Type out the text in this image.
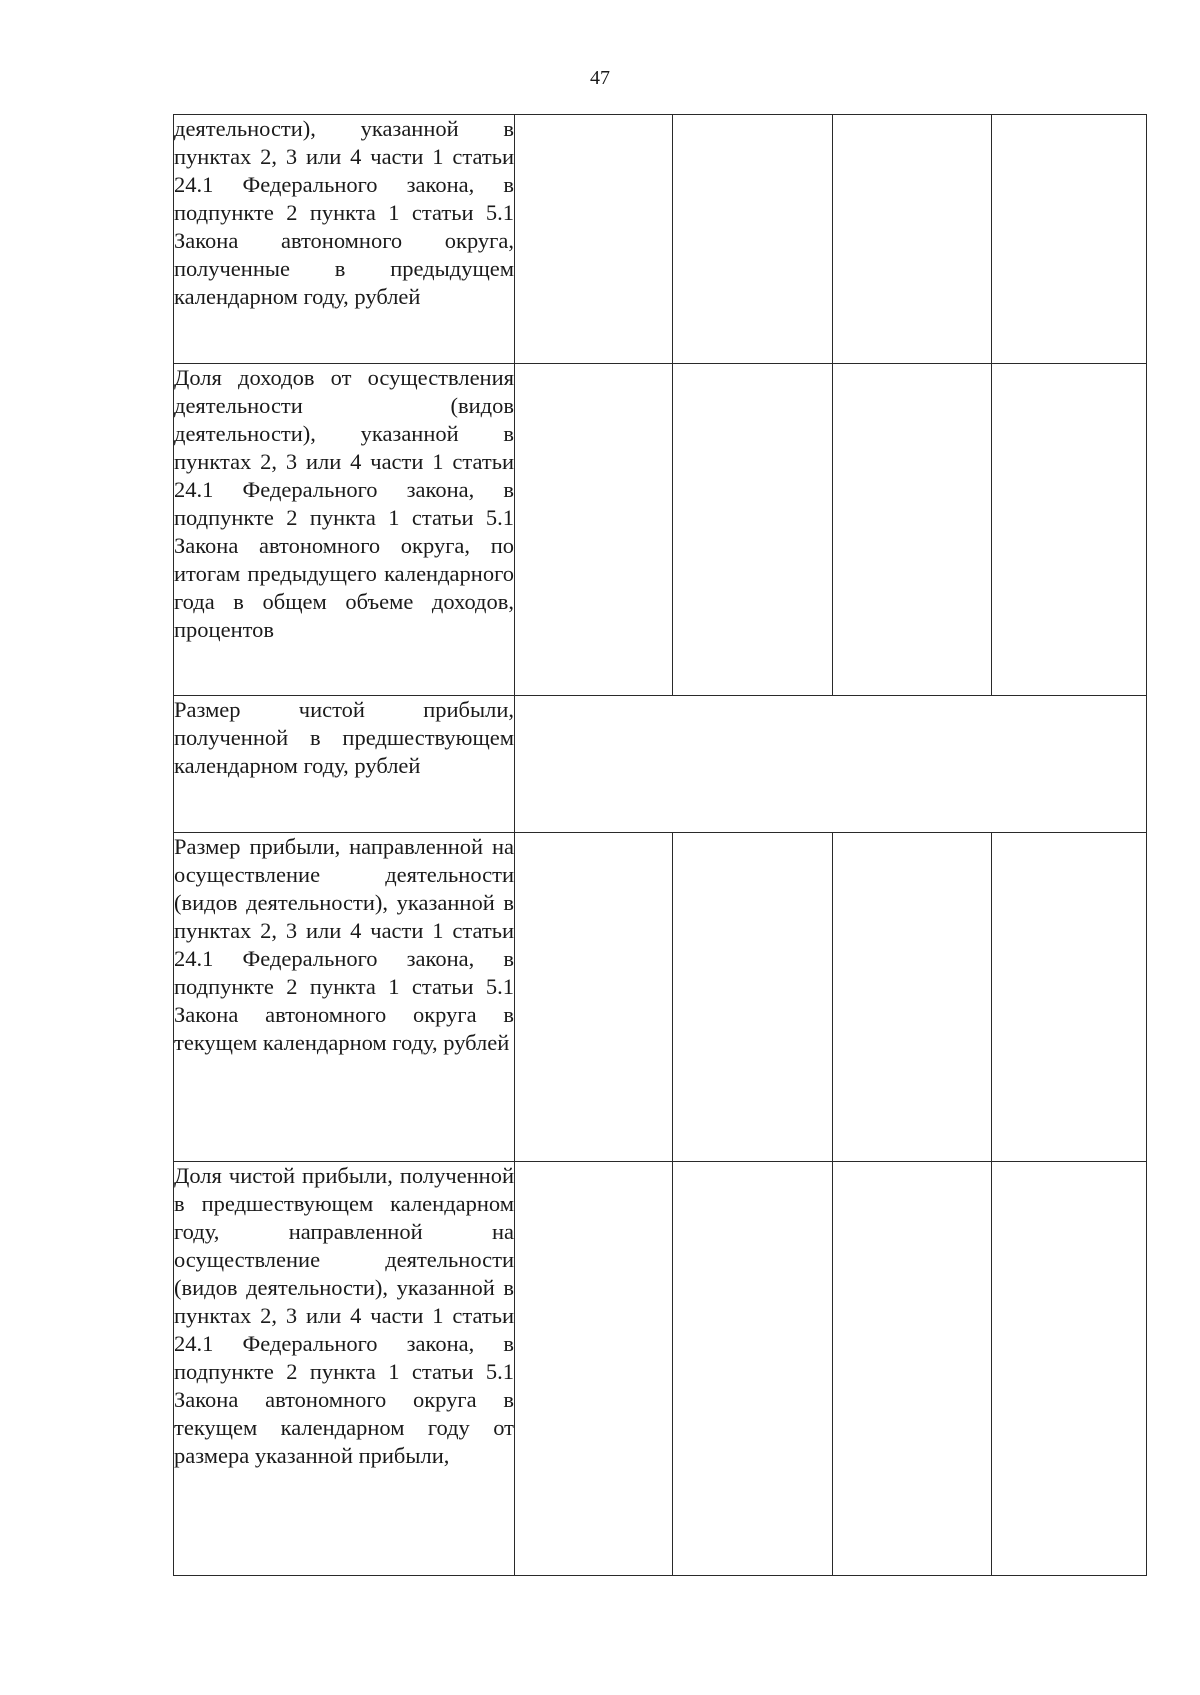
47
деятельности), указанной в пунктах 2, 3 или 4 части 1 статьи 24.1 Федерального закона, в подпункте 2 пункта 1 статьи 5.1 Закона автономного округа, полученные в предыдущем календарном году, рублей				
Доля доходов от осуществления деятельности (видов деятельности), указанной в пунктах 2, 3 или 4 части 1 статьи 24.1 Федерального закона, в подпункте 2 пункта 1 статьи 5.1 Закона автономного округа, по итогам предыдущего календарного года в общем объеме доходов, процентов				
Размер чистой прибыли, полученной в предшествующем календарном году, рублей				
Размер прибыли, направленной на осуществление деятельности (видов деятельности), указанной в пунктах 2, 3 или 4 части 1 статьи 24.1 Федерального закона, в подпункте 2 пункта 1 статьи 5.1 Закона автономного округа в текущем календарном году, рублей				
Доля чистой прибыли, полученной в предшествующем календарном году, направленной на осуществление деятельности (видов деятельности), указанной в пунктах 2, 3 или 4 части 1 статьи 24.1 Федерального закона, в подпункте 2 пункта 1 статьи 5.1 Закона автономного округа в текущем календарном году от размера указанной прибыли,				
